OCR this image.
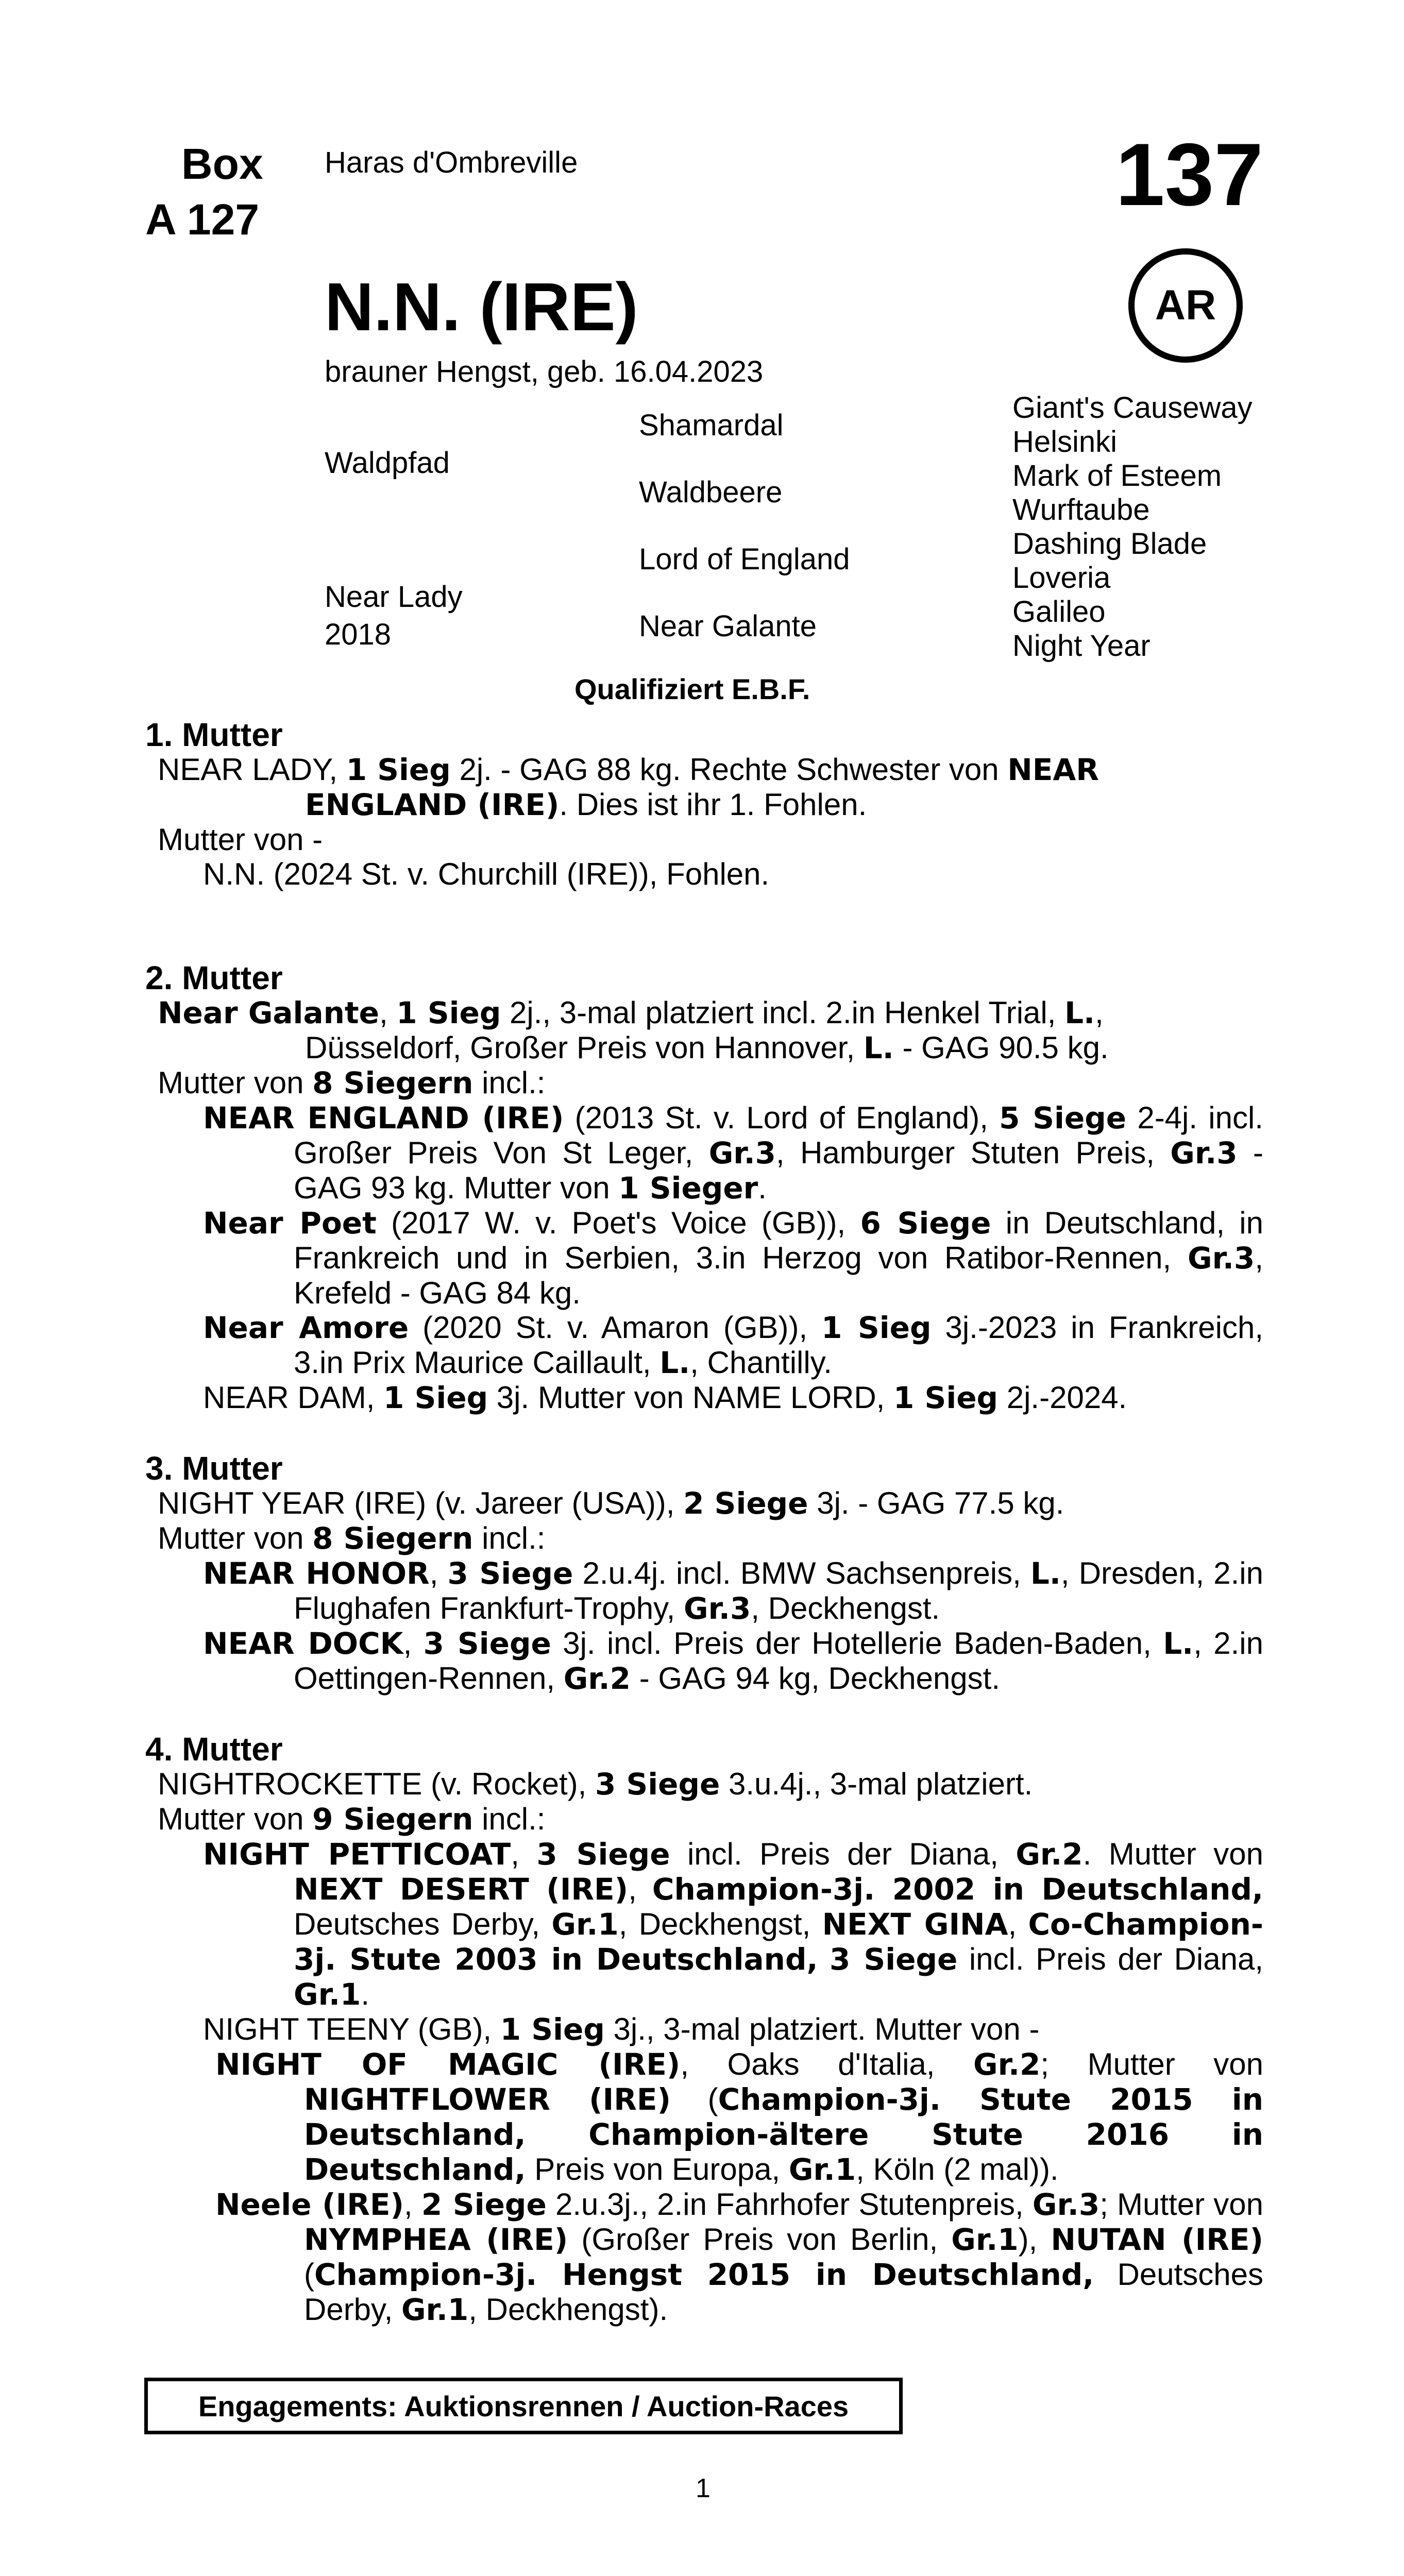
Box
A 127
Haras d'Ombreville	137
N.N. (IRE)	AR
brauner Hengst, geb. 16.04.2023
Waldpfad
Near Lady
2018
Shamardal
Waldbeere
Lord of England
Near Galante
Giant's Causeway
Helsinki
Mark of Esteem
Wurftaube
Dashing Blade
Loveria
Galileo
Night Year
Qualifiziert E.B.F.

1. Mutter

NEAR LADY, 1 Sieg 2j. - GAG 88 kg. Rechte Schwester von NEAR ENGLAND (IRE). Dies ist ihr 1. Fohlen.

Mutter von -

N.N. (2024 St. v. Churchill (IRE)), Fohlen.

2. Mutter

Near Galante, 1 Sieg 2j., 3-mal platziert incl. 2.in Henkel Trial, L., Düsseldorf, Großer Preis von Hannover, L. - GAG 90.5 kg.

Mutter von 8 Siegern incl.:

NEAR ENGLAND (IRE) (2013 St. v. Lord of England), 5 Siege 2-4j. incl. Großer Preis Von St Leger, Gr.3, Hamburger Stuten Preis, Gr.3 - GAG 93 kg. Mutter von 1 Sieger.

Near Poet (2017 W. v. Poet's Voice (GB)), 6 Siege in Deutschland, in Frankreich und in Serbien, 3.in Herzog von Ratibor-Rennen, Gr.3, Krefeld - GAG 84 kg.

Near Amore (2020 St. v. Amaron (GB)), 1 Sieg 3j.-2023 in Frankreich, 3.in Prix Maurice Caillault, L., Chantilly.

NEAR DAM, 1 Sieg 3j. Mutter von NAME LORD, 1 Sieg 2j.-2024.

3. Mutter

NIGHT YEAR (IRE) (v. Jareer (USA)), 2 Siege 3j. - GAG 77.5 kg.

Mutter von 8 Siegern incl.:

NEAR HONOR, 3 Siege 2.u.4j. incl. BMW Sachsenpreis, L., Dresden, 2.in Flughafen Frankfurt-Trophy, Gr.3, Deckhengst.

NEAR DOCK, 3 Siege 3j. incl. Preis der Hotellerie Baden-Baden, L., 2.in Oettingen-Rennen, Gr.2 - GAG 94 kg, Deckhengst.

4. Mutter

NIGHTROCKETTE (v. Rocket), 3 Siege 3.u.4j., 3-mal platziert.

Mutter von 9 Siegern incl.:

NIGHT PETTICOAT, 3 Siege incl. Preis der Diana, Gr.2. Mutter von NEXT DESERT (IRE), Champion-3j. 2002 in Deutschland, Deutsches Derby, Gr.1, Deckhengst, NEXT GINA, Co-Champion-3j. Stute 2003 in Deutschland, 3 Siege incl. Preis der Diana, Gr.1.

NIGHT TEENY (GB), 1 Sieg 3j., 3-mal platziert. Mutter von -

NIGHT OF MAGIC (IRE), Oaks d'Italia, Gr.2; Mutter von NIGHTFLOWER (IRE) (Champion-3j. Stute 2015 in Deutschland, Champion-ältere Stute 2016 in Deutschland, Preis von Europa, Gr.1, Köln (2 mal)).

Neele (IRE), 2 Siege 2.u.3j., 2.in Fahrhofer Stutenpreis, Gr.3; Mutter von NYMPHEA (IRE) (Großer Preis von Berlin, Gr.1), NUTAN (IRE) (Champion-3j. Hengst 2015 in Deutschland, Deutsches Derby, Gr.1, Deckhengst).

Engagements: Auktionsrennen / Auction-Races
1
